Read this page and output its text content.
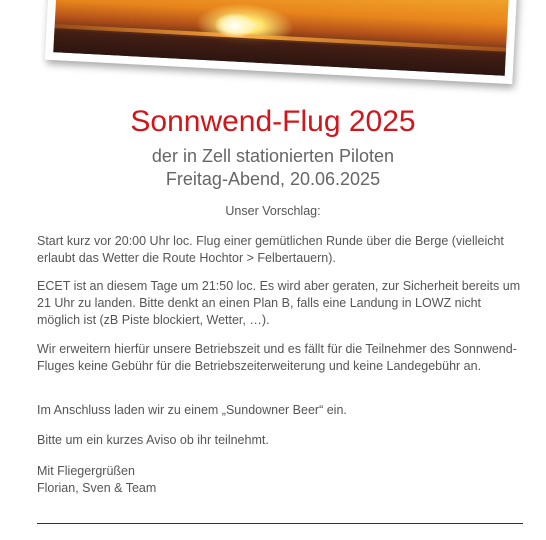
Sonnwend-Flug 2025
der in Zell stationierten Piloten
Freitag-Abend, 20.06.2025
Unser Vorschlag:

Start kurz vor 20:00 Uhr loc. Flug einer gemütlichen Runde über die Berge (vielleicht erlaubt das Wetter die Route Hochtor > Felbertauern).

ECET ist an diesem Tage um 21:50 loc. Es wird aber geraten, zur Sicherheit bereits um 21 Uhr zu landen. Bitte denkt an einen Plan B, falls eine Landung in LOWZ nicht möglich ist (zB Piste blockiert, Wetter, …).

Wir erweitern hierfür unsere Betriebszeit und es fällt für die Teilnehmer des Sonnwend-Fluges keine Gebühr für die Betriebszeiterweiterung und keine Landegebühr an.

Im Anschluss laden wir zu einem „Sundowner Beer“ ein.

Bitte um ein kurzes Aviso ob ihr teilnehmt.

Mit Fliegergrüßen
Florian, Sven & Team
